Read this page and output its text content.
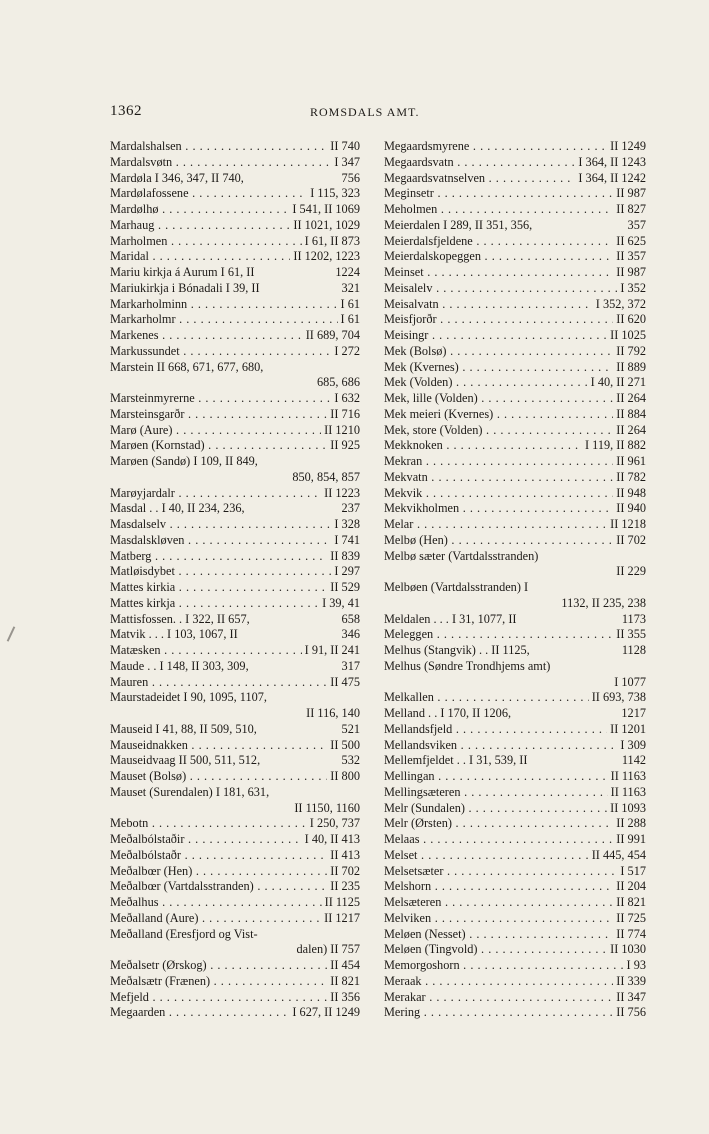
1362	ROMSDALS AMT.
Mardalshalsen . . .	II 740
Mardalsvøtn . . .	I 347
Mardøla I 346, 347, II 740,	756
Mardølafossene . . .	I 115, 323
Mardølhø . . .	I 541, II 1069
Marhaug . . .	II 1021, 1029
Marholmen . . .	I 61, II 873
Maridal . . .	II 1202, 1223
Mariu kirkja á Aurum I 61, II	1224
Mariukirkja i Bónadali I 39, II	321
Markarholminn . . .	I 61
Markarholmr . . .	I 61
Markenes . . .	II 689, 704
Markussundet . . .	I 272
Marstein II 668, 671, 677, 680,
685, 686
Marsteinmyrerne . . .	I 632
Marsteinsgarðr . . .	II 716
Marø (Aure) . . .	II 1210
Marøen (Kornstad) . . .	II 925
Marøen (Sandø) I 109, II 849,
850, 854, 857
Marøyjardalr . . .	II 1223
Masdal . . I 40, II 234, 236,	237
Masdalselv . . .	I 328
Masdalskløven . . .	I 741
Matberg . . .	II 839
Matløisdybet . . .	I 297
Mattes kirkia . . .	II 529
Mattes kirkja . . .	I 39, 41
Mattisfossen. . I 322, II 657,	658
Matvik . . . I 103, 1067, II	346
Matæsken . . .	I 91, II 241
Maude . . I 148, II 303, 309,	317
Mauren . . .	II 475
Maurstadeidet I 90, 1095, 1107,
II 116, 140
Mauseid I 41, 88, II 509, 510,	521
Mauseidnakken . . .	II 500
Mauseidvaag II 500, 511, 512,	532
Mauset (Bolsø) . . .	II 800
Mauset (Surendalen) I 181, 631,
II 1150, 1160
Mebotn . . .	I 250, 737
Meðalbólstaðir . . .	I 40, II 413
Meðalbólstaðr . . .	II 413
Meðalbœr (Hen) . . .	II 702
Meðalbœr (Vartdalsstranden) . . .	II 235
Meðalhus . . .	II 1125
Meðalland (Aure) . . .	II 1217
Meðalland (Eresfjord og Vist-
dalen) II 757
Meðalsetr (Ørskog) . . .	II 454
Meðalsætr (Frænen) . . .	II 821
Mefjeld . . .	II 356
Megaarden . . .	I 627, II 1249
Megaardsmyrene . . .	II 1249
Megaardsvatn . . .	I 364, II 1243
Megaardsvatnselven . . .	I 364, II 1242
Meginsetr . . .	II 987
Meholmen . . .	II 827
Meierdalen I 289, II 351, 356,	357
Meierdalsfjeldene . . .	II 625
Meierdalskopeggen . . .	II 357
Meinset . . .	II 987
Meisalelv . . .	I 352
Meisalvatn . . .	I 352, 372
Meisfjorðr . . .	II 620
Meisingr . . .	II 1025
Mek (Bolsø) . . .	II 792
Mek (Kvernes) . . .	II 889
Mek (Volden) . . .	I 40, II 271
Mek, lille (Volden) . . .	II 264
Mek meieri (Kvernes) . . .	II 884
Mek, store (Volden) . . .	II 264
Mekknoken . . .	I 119, II 882
Mekran . . .	II 961
Mekvatn . . .	II 782
Mekvik . . .	II 948
Mekvikholmen . . .	II 940
Melar . . .	II 1218
Melbø (Hen) . . .	II 702
Melbø sæter (Vartdalsstranden)
II 229
Melbøen (Vartdalsstranden) I
1132, II 235, 238
Meldalen . . . I 31, 1077, II	1173
Meleggen . . .	II 355
Melhus (Stangvik) . . II 1125,	1128
Melhus (Søndre Trondhjems amt)
I 1077
Melkallen . . .	II 693, 738
Melland . . I 170, II 1206,	1217
Mellandsfjeld . . .	II 1201
Mellandsviken . . .	I 309
Mellemfjeldet . . I 31, 539, II	1142
Mellingan . . .	II 1163
Mellingsæteren . . .	II 1163
Melr (Sundalen) . . .	II 1093
Melr (Ørsten) . . .	II 288
Melaas . . .	II 991
Melset . . .	II 445, 454
Melsetsæter . . .	I 517
Melshorn . . .	II 204
Melsæteren . . .	II 821
Melviken . . .	II 725
Meløen (Nesset) . . .	II 774
Meløen (Tingvold) . . .	II 1030
Memorgoshorn . . .	I 93
Meraak . . .	II 339
Merakar . . .	II 347
Mering . . .	II 756
